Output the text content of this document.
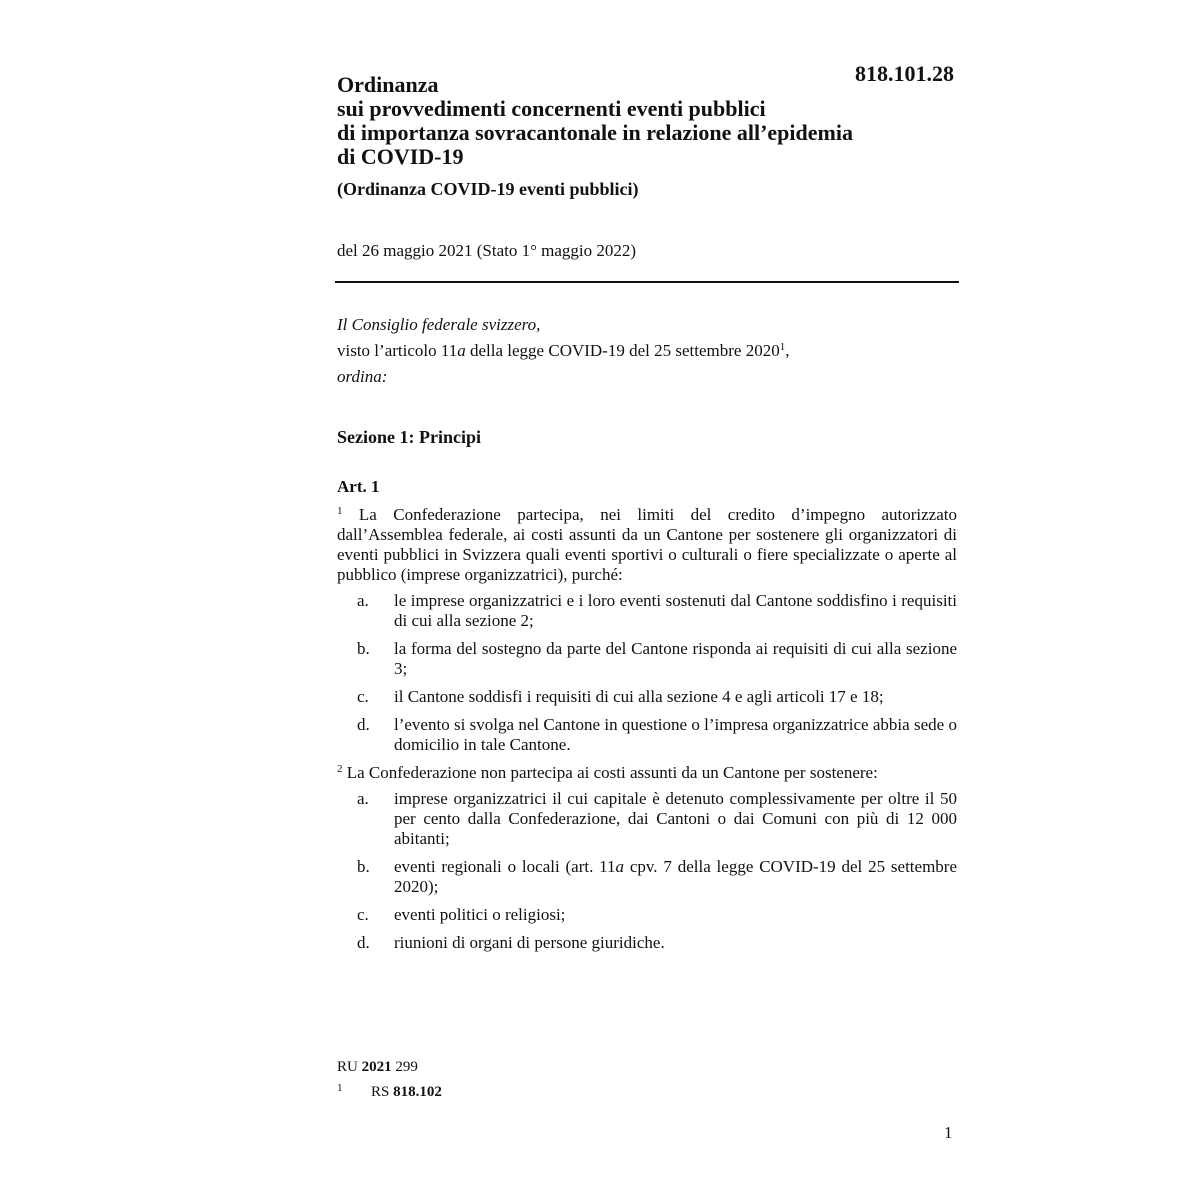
818.101.28
Ordinanza
sui provvedimenti concernenti eventi pubblici
di importanza sovracantonale in relazione all’epidemia
di COVID-19
(Ordinanza COVID-19 eventi pubblici)
del 26 maggio 2021 (Stato 1° maggio 2022)
Il Consiglio federale svizzero,
visto l’articolo 11a della legge COVID-19 del 25 settembre 2020$^1$,
ordina:
Sezione 1: Principi
Art. 1

$^1$ La Confederazione partecipa, nei limiti del credito d’impegno autorizzato dall’Assemblea federale, ai costi assunti da un Cantone per sostenere gli organizzatori di eventi pubblici in Svizzera quali eventi sportivi o culturali o fiere specializzate o aperte al pubblico (imprese organizzatrici), purché:

a.	le imprese organizzatrici e i loro eventi sostenuti dal Cantone soddisfino i requisiti di cui alla sezione 2;
b.	la forma del sostegno da parte del Cantone risponda ai requisiti di cui alla sezione 3;
c.	il Cantone soddisfi i requisiti di cui alla sezione 4 e agli articoli 17 e 18;
d.	l’evento si svolga nel Cantone in questione o l’impresa organizzatrice abbia sede o domicilio in tale Cantone.

$^2$ La Confederazione non partecipa ai costi assunti da un Cantone per sostenere:

a.	imprese organizzatrici il cui capitale è detenuto complessivamente per oltre il 50 per cento dalla Confederazione, dai Cantoni o dai Comuni con più di 12 000 abitanti;
b.	eventi regionali o locali (art. 11a cpv. 7 della legge COVID-19 del 25 settembre 2020);
c.	eventi politici o religiosi;
d.	riunioni di organi di persone giuridiche.
RU 2021 299
1 RS 818.102
1
